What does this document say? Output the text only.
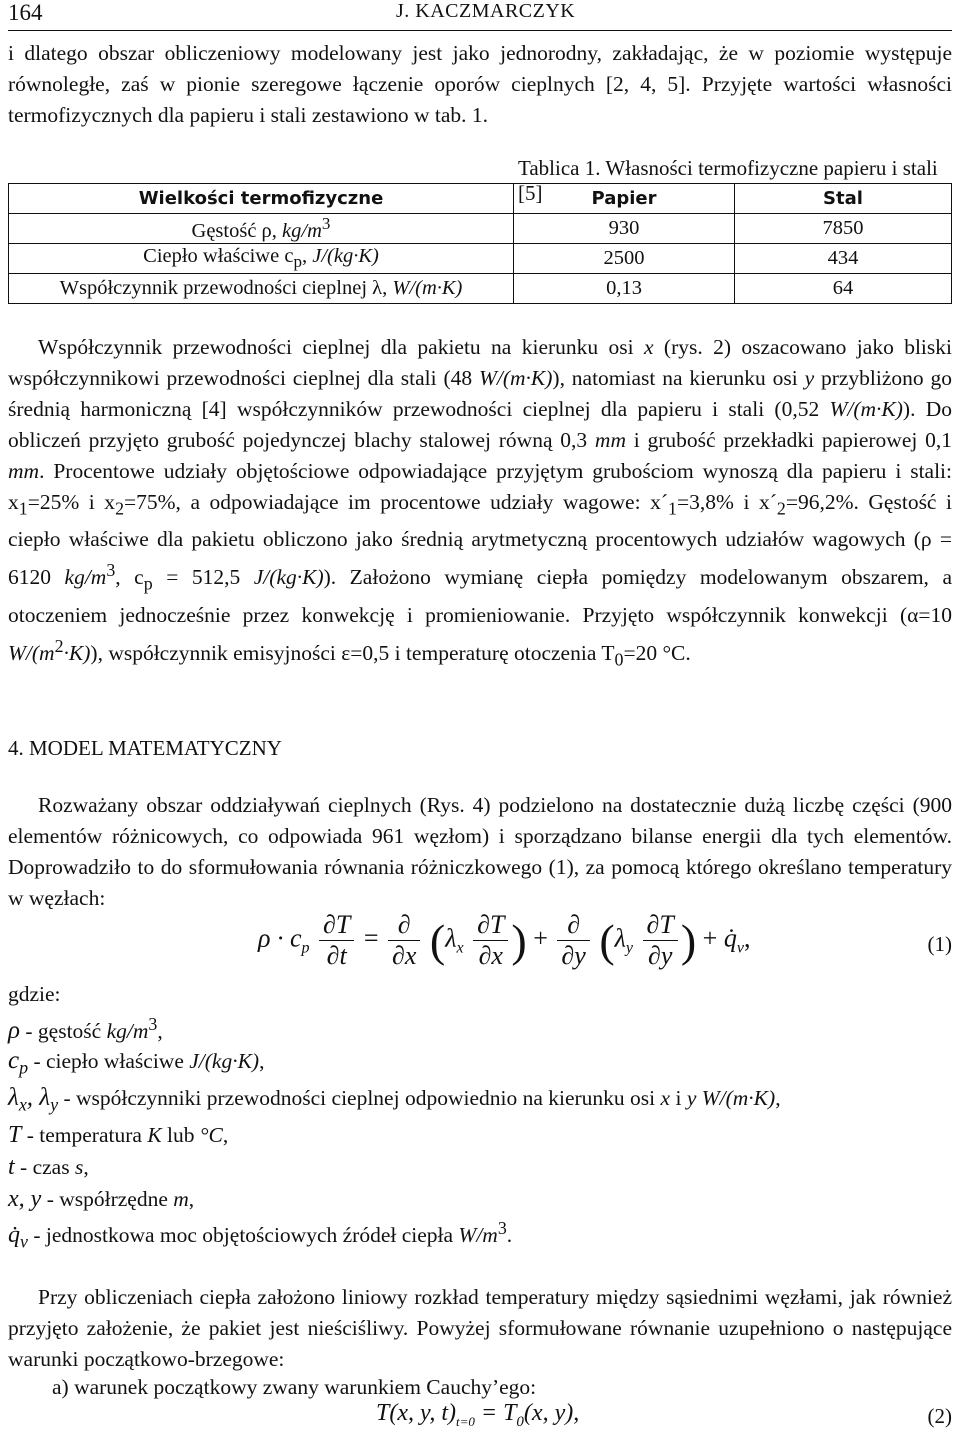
164	J. KACZMARCZYK

i dlatego obszar obliczeniowy modelowany jest jako jednorodny, zakładając, że w poziomie występuje równoległe, zaś w pionie szeregowe łączenie oporów cieplnych [2, 4, 5]. Przyjęte wartości własności termofizycznych dla papieru i stali zestawiono w tab. 1.

Tablica 1. Własności termofizyczne papieru i stali [5]
Wielkości termofizyczne	Papier	Stal
Gęstość ρ, $kg/m^3$	930	7850
Ciepło właściwe $c_p$, J/(kg·K)	2500	434
Współczynnik przewodności cieplnej λ, W/(m·K)	0,13	64

Współczynnik przewodności cieplnej dla pakietu na kierunku osi x (rys. 2) oszacowano jako bliski współczynnikowi przewodności cieplnej dla stali (48 W/(m·K)), natomiast na kierunku osi y przybliżono go średnią harmoniczną [4] współczynników przewodności cieplnej dla papieru i stali (0,52 W/(m·K)). Do obliczeń przyjęto grubość pojedynczej blachy stalowej równą 0,3 mm i grubość przekładki papierowej 0,1 mm. Procentowe udziały objętościowe odpowiadające przyjętym grubościom wynoszą dla papieru i stali: $x_1=25\%$ i $x_2=75\%$, a odpowiadające im procentowe udziały wagowe: $x´_1=3,8\%$ i $x´_2=96,2\%$. Gęstość i ciepło właściwe dla pakietu obliczono jako średnią arytmetyczną procentowych udziałów wagowych (ρ = 6120 $kg/m^3$, $c_p = 512,5$ J/(kg·K)). Założono wymianę ciepła pomiędzy modelowanym obszarem, a otoczeniem jednocześnie przez konwekcję i promieniowanie. Przyjęto współczynnik konwekcji (α=10 $W/(m^2\cdot K)$), współczynnik emisyjności ε=0,5 i temperaturę otoczenia $T_0=20$ °C.

4. MODEL MATEMATYCZNY

Rozważany obszar oddziaływań cieplnych (Rys. 4) podzielono na dostatecznie dużą liczbę części (900 elementów różnicowych, co odpowiada 961 węzłom) i sporządzano bilanse energii dla tych elementów. Doprowadziło to do sformułowania równania różniczkowego (1), za pomocą którego określano temperatury w węzłach:

$\rho \cdot c_p \frac{\partial T}{\partial t} = \frac{\partial}{\partial x} (\lambda_x \frac{\partial T}{\partial x}$ ) + $\frac{\partial}{\partial y} (\lambda_y \frac{\partial T}{\partial y}$ ) + $q̇_v$,	(1)
gdzie:
ρ - gęstość $kg/m^3$,
$c_p$ - ciepło właściwe J/(kg·K),
$\lambda_x$, $\lambda_y$ - współczynniki przewodności cieplnej odpowiednio na kierunku osi x i y W/(m·K),
T - temperatura K lub °C,
t - czas s,
x, y - współrzędne m,
$q̇_v$ - jednostkowa moc objętościowych źródeł ciepła $W/m^3$.

Przy obliczeniach ciepła założono liniowy rozkład temperatury między sąsiednimi węzłami, jak również przyjęto założenie, że pakiet jest nieściśliwy. Powyżej sformułowane równanie uzupełniono o następujące warunki początkowo-brzegowe:

a) warunek początkowy zwany warunkiem Cauchy’ego:
T(x, y, $t)_{t=0} = T_0(x$, y),	(2)
